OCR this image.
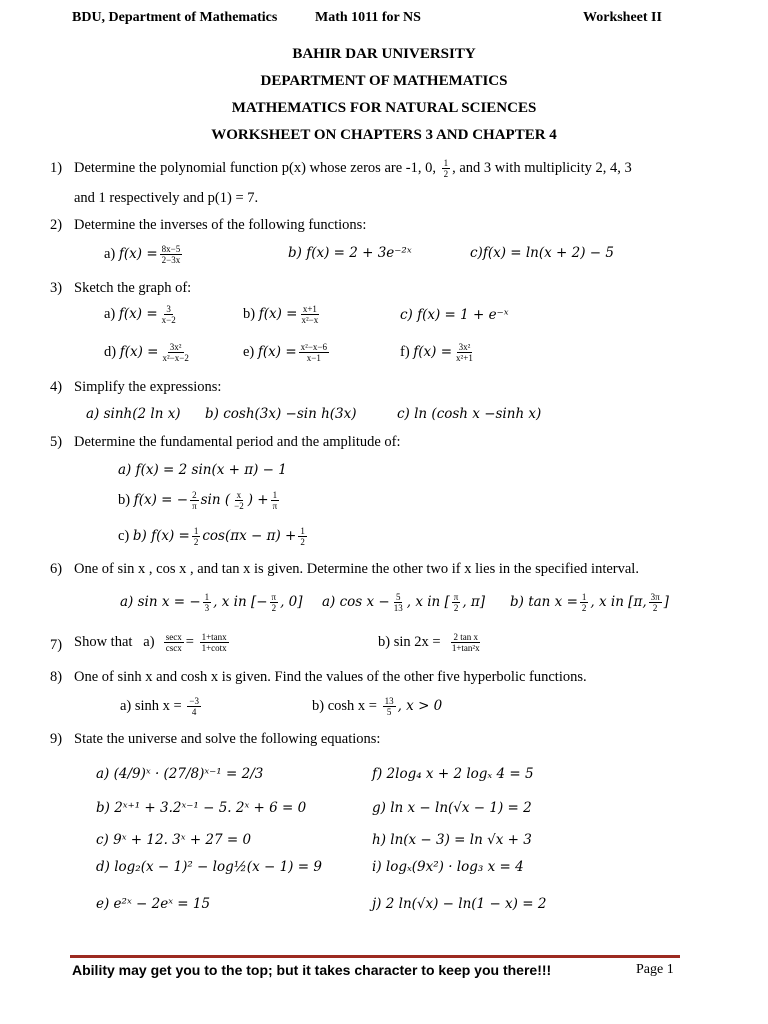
BDU, Department of Mathematics	Math 1011 for NS	Worksheet II
BAHIR DAR UNIVERSITY
DEPARTMENT OF MATHEMATICS
MATHEMATICS FOR NATURAL SCIENCES
WORKSHEET ON CHAPTERS 3 AND CHAPTER 4
1) Determine the polynomial function p(x) whose zeros are -1, 0, $\frac{1}{2}$ , and 3 with multiplicity 2, 4, 3
and 1 respectively and p(1) = 7.
2) Determine the inverses of the following functions:
a) $f(x) = \frac{8x-5}{2-3x}$	b) f(x) = 2 + 3e⁻²ˣ	c)f(x) = ln(x + 2) − 5
3) Sketch the graph of:
a) $f(x) = \frac{3}{x-2}$	b) $f(x) = \frac{x+1}{\text{x²−x}}$	c) f(x) = 1 + e⁻ˣ
d) $f(x) = \frac{\text{3x²}}{\text{x²−x−2}}$	e) $f(x) = \frac{\text{x²−x−6}}{x-1}$	f) $f(x) = \frac{\text{3x²}}{\text{x²+1}}$
4) Simplify the expressions:
a) sinh(2 ln x) b) cosh(3x) −sin h(3x)	c) ln (cosh x −sinh x)
5) Determine the fundamental period and the amplitude of:
a) f(x) = 2 sin(x + π) − 1
b) f(x) = − $\frac{2}{\pi}$ sin ( $\frac{x}{-2}$ ) + $\frac{1}{\pi}$
c) b) $f(x) = \frac{1}{2} \cos(\pi x - \pi) + \frac{1}{2}$
6) One of sin x , cos x , and tan x is given. Determine the other two if x lies in the specified interval.
a) sin x = − $\frac{1}{3}$ , x in [− $\frac{\pi}{2}$ , 0] a) $\cos x - \frac{5}{13}$ , x in [ $\frac{\pi}{2}$ , π] b) $\tan x = \frac{1}{2}$ , x in [π, $\frac{3\pi}{2}$ ]
7) Show that $a) \frac{\sec x}{\csc x} = \frac{1+\tan x}{1+\cot x}$	b) $\sin 2x = \frac{\text{2 tan x}}{\text{1+tan²x}}$
8) One of sinh x and cosh x is given. Find the values of the other five hyperbolic functions.
a) $\sinh x = \frac{-3}{4}$	b) $\cosh x = \frac{13}{5}$ , x > 0
9) State the universe and solve the following equations:
a) (4/9)ˣ · (27/8)ˣ⁻¹ = 2/3
b) 2ˣ⁺¹ + 3.2ˣ⁻¹ − 5. 2ˣ + 6 = 0
c) 9ˣ + 12. 3ˣ + 27 = 0
d) log₂(x − 1)² − log½(x − 1) = 9
e) e²ˣ − 2eˣ = 15
f) 2log₄ x + 2 logₓ 4 = 5
g) ln x − ln(√x − 1) = 2
h) ln(x − 3) = ln √x + 3
i) logₓ(9x²) · log₃ x = 4
j) 2 ln(√x) − ln(1 − x) = 2
Ability may get you to the top; but it takes character to keep you there!!!	Page 1
